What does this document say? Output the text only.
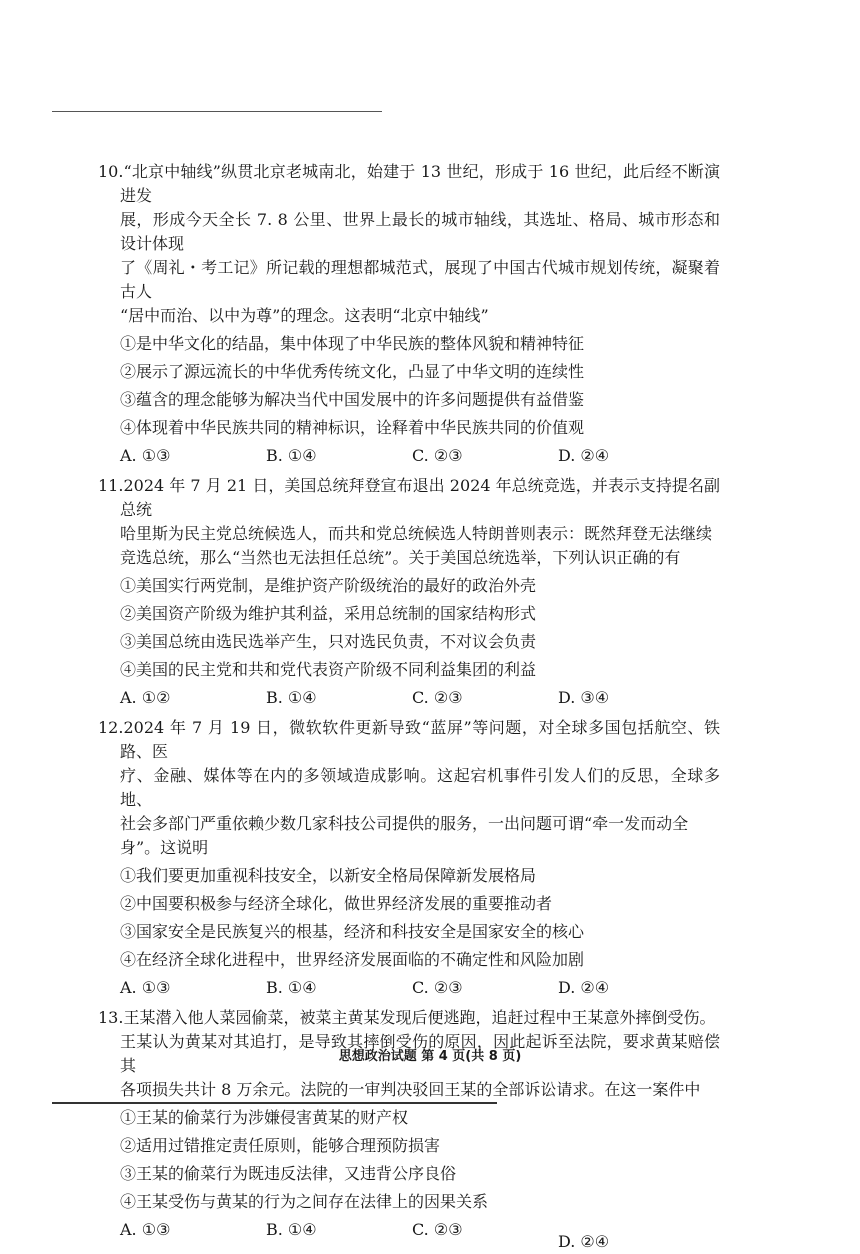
10.“北京中轴线”纵贯北京老城南北，始建于 13 世纪，形成于 16 世纪，此后经不断演进发

展，形成今天全长 7. 8 公里、世界上最长的城市轴线，其选址、格局、城市形态和设计体现

了《周礼・考工记》所记载的理想都城范式，展现了中国古代城市规划传统，凝聚着古人

“居中而治、以中为尊”的理念。这表明“北京中轴线”

①是中华文化的结晶，集中体现了中华民族的整体风貌和精神特征

②展示了源远流长的中华优秀传统文化，凸显了中华文明的连续性

③蕴含的理念能够为解决当代中国发展中的许多问题提供有益借鉴

④体现着中华民族共同的精神标识，诠释着中华民族共同的价值观

A. ①③	B. ①④	C. ②③	D. ②④

11.2024 年 7 月 21 日，美国总统拜登宣布退出 2024 年总统竞选，并表示支持提名副总统

哈里斯为民主党总统候选人，而共和党总统候选人特朗普则表示：既然拜登无法继续

竞选总统，那么“当然也无法担任总统”。关于美国总统选举，下列认识正确的有

①美国实行两党制，是维护资产阶级统治的最好的政治外壳

②美国资产阶级为维护其利益，采用总统制的国家结构形式

③美国总统由选民选举产生，只对选民负责，不对议会负责

④美国的民主党和共和党代表资产阶级不同利益集团的利益

A. ①②	B. ①④	C. ②③	D. ③④

12.2024 年 7 月 19 日，微软软件更新导致“蓝屏”等问题，对全球多国包括航空、铁路、医

疗、金融、媒体等在内的多领域造成影响。这起宕机事件引发人们的反思，全球多地、

社会多部门严重依赖少数几家科技公司提供的服务，一出问题可谓“牵一发而动全

身”。这说明

①我们要更加重视科技安全，以新安全格局保障新发展格局

②中国要积极参与经济全球化，做世界经济发展的重要推动者

③国家安全是民族复兴的根基，经济和科技安全是国家安全的核心

④在经济全球化进程中，世界经济发展面临的不确定性和风险加剧

A. ①③	B. ①④	C. ②③	D. ②④

13.王某潜入他人菜园偷菜，被菜主黄某发现后便逃跑，追赶过程中王某意外摔倒受伤。

王某认为黄某对其追打，是导致其摔倒受伤的原因，因此起诉至法院，要求黄某赔偿其

各项损失共计 8 万余元。法院的一审判决驳回王某的全部诉讼请求。在这一案件中

①王某的偷菜行为涉嫌侵害黄某的财产权

②适用过错推定责任原则，能够合理预防损害

③王某的偷菜行为既违反法律，又违背公序良俗

④王某受伤与黄某的行为之间存在法律上的因果关系

A. ①③	B. ①④	C. ②③
D. ②④
思想政治试题 第 4 页(共 8 页)
